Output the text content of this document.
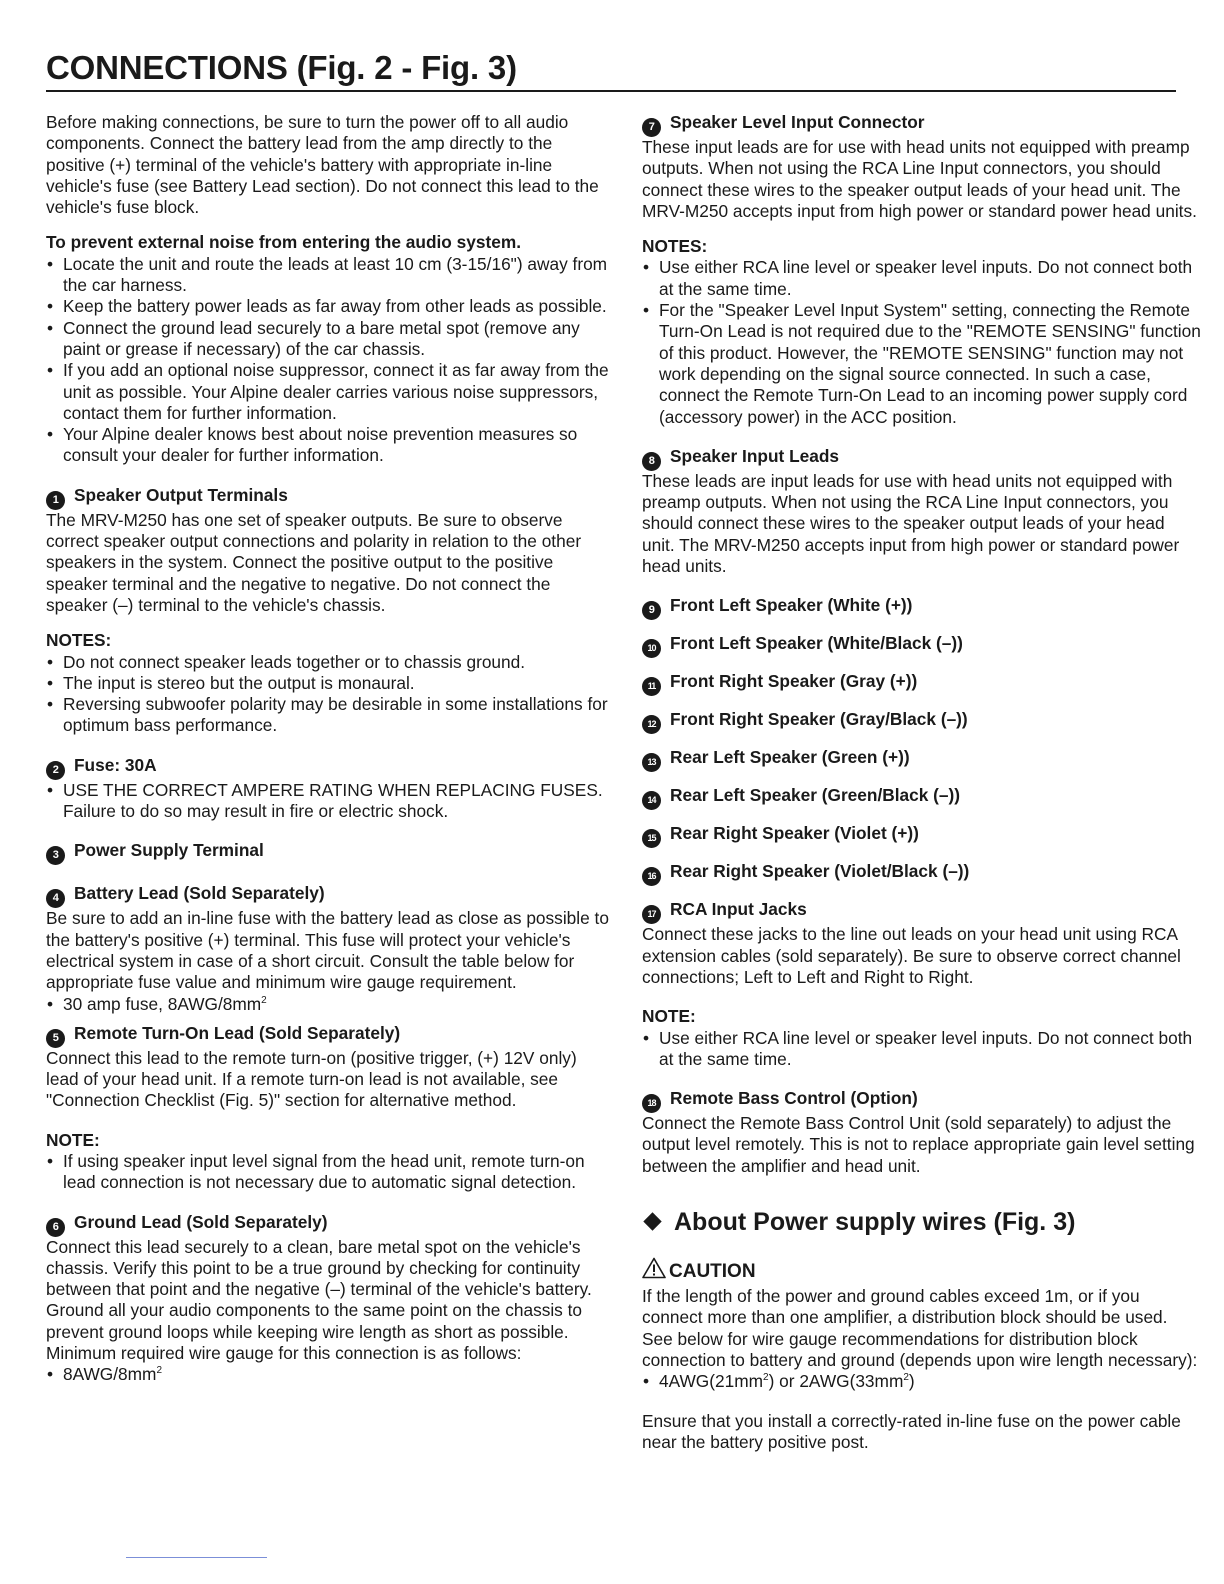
CONNECTIONS (Fig. 2 - Fig. 3)

Before making connections, be sure to turn the power off to all audio components. Connect the battery lead from the amp directly to the positive (+) terminal of the vehicle's battery with appropriate in-line vehicle's fuse (see Battery Lead section). Do not connect this lead to the vehicle's fuse block.

To prevent external noise from entering the audio system.

• Locate the unit and route the leads at least 10 cm (3-15/16") away from the car harness.
• Keep the battery power leads as far away from other leads as possible.
• Connect the ground lead securely to a bare metal spot (remove any paint or grease if necessary) of the car chassis.
• If you add an optional noise suppressor, connect it as far away from the unit as possible. Your Alpine dealer carries various noise suppressors, contact them for further information.
• Your Alpine dealer knows best about noise prevention measures so consult your dealer for further information.

1 Speaker Output Terminals

The MRV-M250 has one set of speaker outputs. Be sure to observe correct speaker output connections and polarity in relation to the other speakers in the system. Connect the positive output to the positive speaker terminal and the negative to negative. Do not connect the speaker (–) terminal to the vehicle's chassis.

NOTES:

• Do not connect speaker leads together or to chassis ground.
• The input is stereo but the output is monaural.
• Reversing subwoofer polarity may be desirable in some installations for optimum bass performance.

2 Fuse: 30A

• USE THE CORRECT AMPERE RATING WHEN REPLACING FUSES.

Failure to do so may result in fire or electric shock.

3 Power Supply Terminal

4 Battery Lead (Sold Separately)

Be sure to add an in-line fuse with the battery lead as close as possible to the battery's positive (+) terminal. This fuse will protect your vehicle's electrical system in case of a short circuit. Consult the table below for appropriate fuse value and minimum wire gauge requirement.

• 30 amp fuse, $8AWG/8mm^2$

5 Remote Turn-On Lead (Sold Separately)

Connect this lead to the remote turn-on (positive trigger, (+) 12V only) lead of your head unit. If a remote turn-on lead is not available, see "Connection Checklist (Fig. 5)" section for alternative method.

NOTE:

• If using speaker input level signal from the head unit, remote turn-on lead connection is not necessary due to automatic signal detection.

6 Ground Lead (Sold Separately)

Connect this lead securely to a clean, bare metal spot on the vehicle's chassis. Verify this point to be a true ground by checking for continuity between that point and the negative (–) terminal of the vehicle's battery. Ground all your audio components to the same point on the chassis to prevent ground loops while keeping wire length as short as possible.

Minimum required wire gauge for this connection is as follows:

• $8AWG/8mm^2$

7 Speaker Level Input Connector

These input leads are for use with head units not equipped with preamp outputs. When not using the RCA Line Input connectors, you should connect these wires to the speaker output leads of your head unit. The MRV-M250 accepts input from high power or standard power head units.

NOTES:

• Use either RCA line level or speaker level inputs. Do not connect both at the same time.
• For the "Speaker Level Input System" setting, connecting the Remote Turn-On Lead is not required due to the "REMOTE SENSING" function of this product. However, the "REMOTE SENSING" function may not work depending on the signal source connected. In such a case, connect the Remote Turn-On Lead to an incoming power supply cord (accessory power) in the ACC position.

8 Speaker Input Leads

These leads are input leads for use with head units not equipped with preamp outputs. When not using the RCA Line Input connectors, you should connect these wires to the speaker output leads of your head unit. The MRV-M250 accepts input from high power or standard power head units.

9 Front Left Speaker (White (+))
10 Front Left Speaker (White/Black (–))
11 Front Right Speaker (Gray (+))
12 Front Right Speaker (Gray/Black (–))
13 Rear Left Speaker (Green (+))
14 Rear Left Speaker (Green/Black (–))
15 Rear Right Speaker (Violet (+))
16 Rear Right Speaker (Violet/Black (–))

17 RCA Input Jacks

Connect these jacks to the line out leads on your head unit using RCA extension cables (sold separately). Be sure to observe correct channel connections; Left to Left and Right to Right.

NOTE:

• Use either RCA line level or speaker level inputs. Do not connect both at the same time.

18 Remote Bass Control (Option)

Connect the Remote Bass Control Unit (sold separately) to adjust the output level remotely. This is not to replace appropriate gain level setting between the amplifier and head unit.

About Power supply wires (Fig. 3)
CAUTION

If the length of the power and ground cables exceed 1m, or if you connect more than one amplifier, a distribution block should be used. See below for wire gauge recommendations for distribution block connection to battery and ground (depends upon wire length necessary):

• $4AWG(21mm^2)$ or $2AWG(33mm^2)$

Ensure that you install a correctly-rated in-line fuse on the power cable near the battery positive post.
